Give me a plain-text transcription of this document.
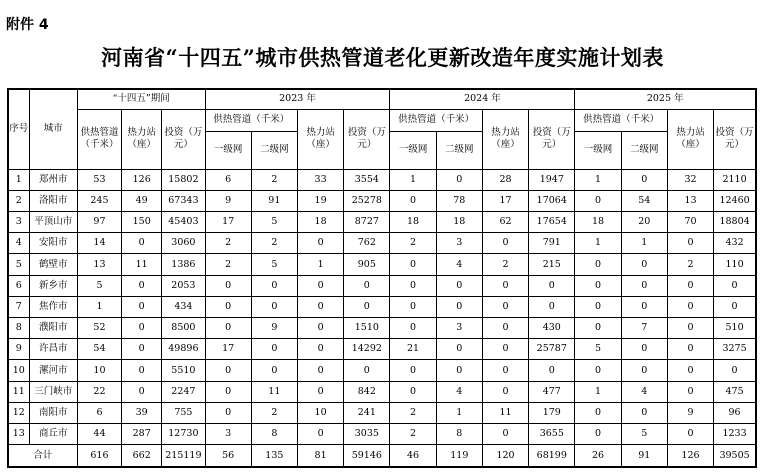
附件 4
河南省“十四五”城市供热管道老化更新改造年度实施计划表
序号	城市	“十四五”期间			2023 年				2024 年				2025 年			
		供热管道（千米）	热力站（座）	投资（万元）	供热管道（千米）		热力站（座）	投资（万元）	供热管道（千米）		热力站（座）	投资（万元）	供热管道（千米）		热力站（座）	投资（万元）
					一级网	二级网			一级网	二级网			一级网	二级网		
1	郑州市	53	126	15802	6	2	33	3554	1	0	28	1947	1	0	32	2110
2	洛阳市	245	49	67343	9	91	19	25278	0	78	17	17064	0	54	13	12460
3	平顶山市	97	150	45403	17	5	18	8727	18	18	62	17654	18	20	70	18804
4	安阳市	14	0	3060	2	2	0	762	2	3	0	791	1	1	0	432
5	鹤壁市	13	11	1386	2	5	1	905	0	4	2	215	0	0	2	110
6	新乡市	5	0	2053	0	0	0	0	0	0	0	0	0	0	0	0
7	焦作市	1	0	434	0	0	0	0	0	0	0	0	0	0	0	0
8	濮阳市	52	0	8500	0	9	0	1510	0	3	0	430	0	7	0	510
9	许昌市	54	0	49896	17	0	0	14292	21	0	0	25787	5	0	0	3275
10	漯河市	10	0	5510	0	0	0	0	0	0	0	0	0	0	0	0
11	三门峡市	22	0	2247	0	11	0	842	0	4	0	477	1	4	0	475
12	南阳市	6	39	755	0	2	10	241	2	1	11	179	0	0	9	96
13	商丘市	44	287	12730	3	8	0	3035	2	8	0	3655	0	5	0	1233
合计		616	662	215119	56	135	81	59146	46	119	120	68199	26	91	126	39505
